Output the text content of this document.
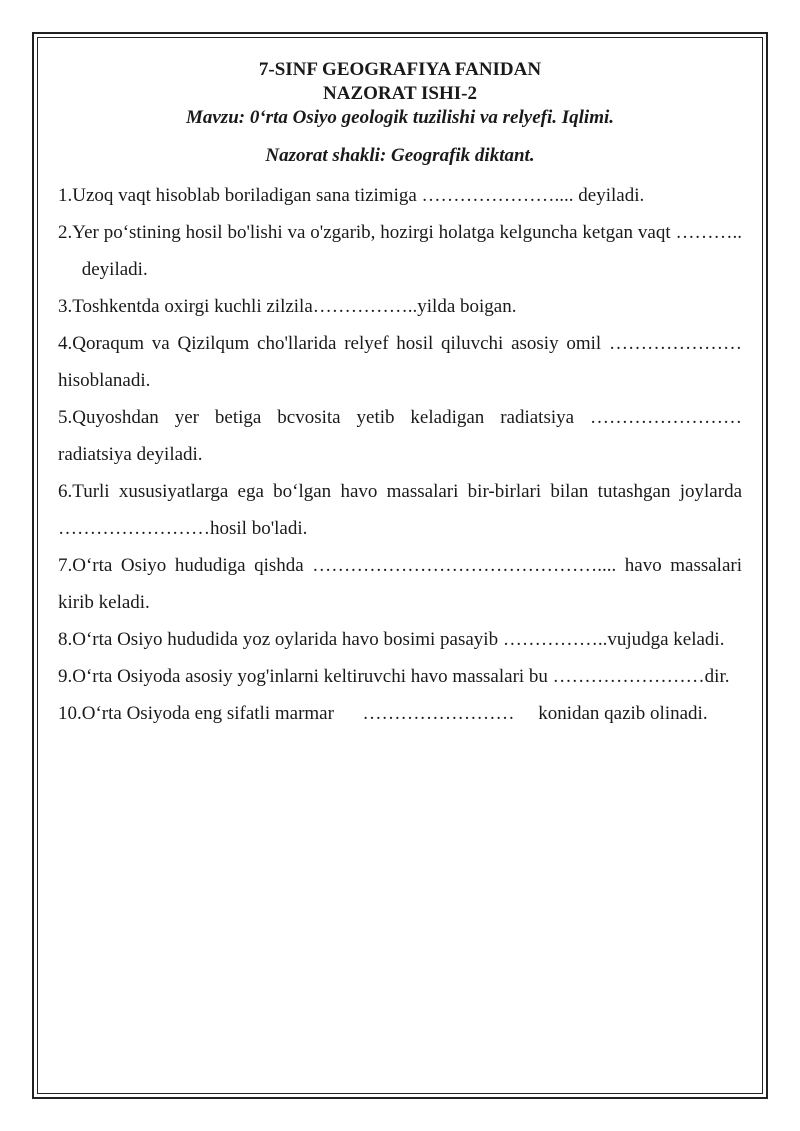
7-SINF GEOGRAFIYA FANIDAN

NAZORAT ISHI-2

Mavzu: 0‘rta Osiyo geologik tuzilishi va relyefi. Iqlimi.

Nazorat shakli: Geografik diktant.

1.Uzoq vaqt hisoblab boriladigan sana tizimiga ………………….... deyiladi.
2.Yer po‘stining hosil bo'lishi va o'zgarib, hozirgi holatga kelguncha ketgan vaqt ………..      deyiladi.
3.Toshkentda oxirgi kuchli zilzila……………..yilda boigan.
4.Qoraqum va Qizilqum cho'llarida relyef hosil qiluvchi asosiy omil …………………hisoblanadi.
5.Quyoshdan yer betiga bcvosita yetib keladigan radiatsiya …………………… radiatsiya deyiladi.
6.Turli xususiyatlarga ega bo‘lgan havo massalari bir-birlari bilan tutashgan joylarda ……………………hosil bo'ladi.
7.O‘rta Osiyo hududiga qishda ……………………………………….... havo massalari kirib keladi.
8.O‘rta Osiyo hududida yoz oylarida havo bosimi pasayib ……………..vujudga keladi.
9.O‘rta Osiyoda asosiy yog'inlarni keltiruvchi havo massalari bu ……………………dir.
10.O‘rta Osiyoda eng sifatli marmar      ……………………     konidan qazib olinadi.
